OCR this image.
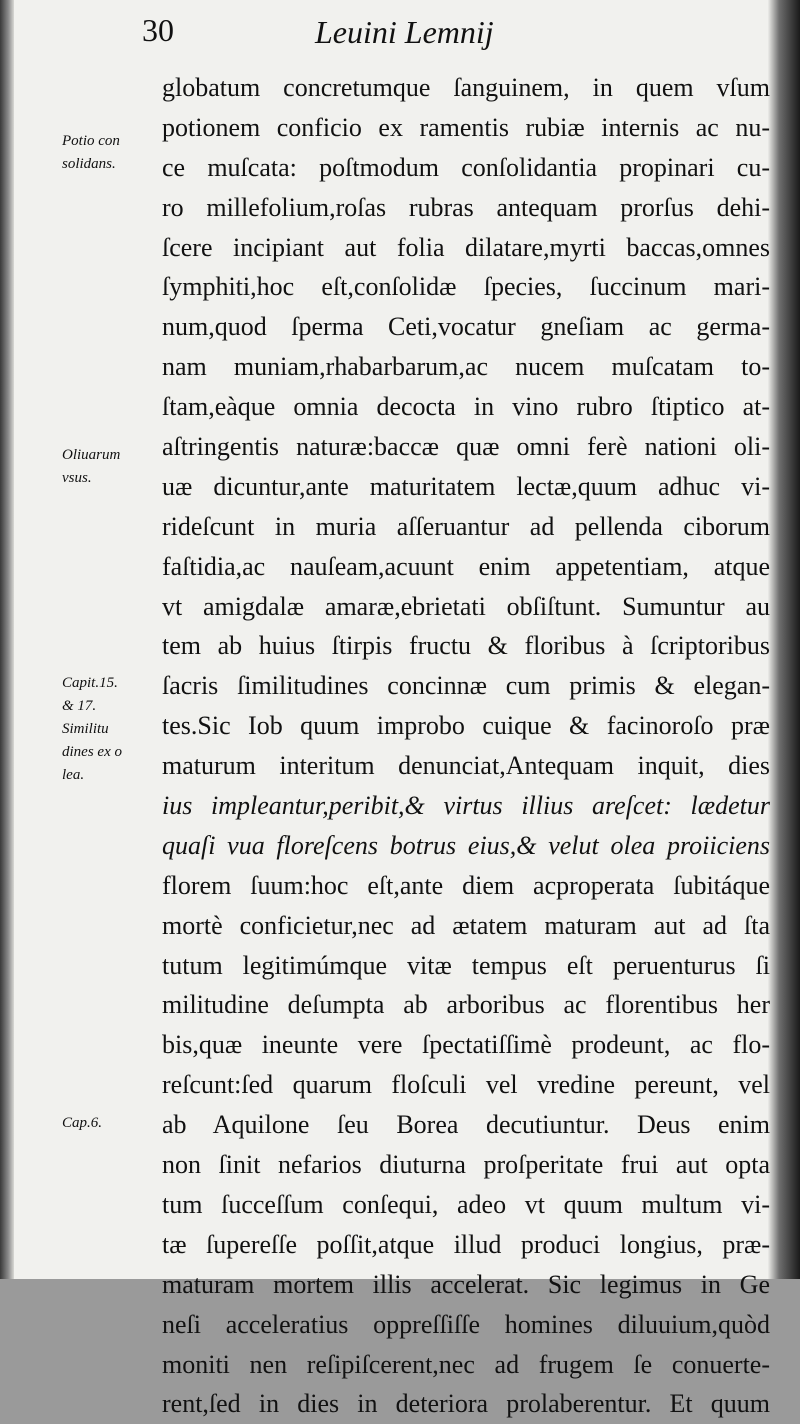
30	Leuini Lemnij
Potio con
solidans.
Oliuarum
vsus.
Capit.15.
& 17.
Similitu
dines ex o
lea.
Cap.6.
globatum concretumque ſanguinem, in quem vſum
potionem conficio ex ramentis rubiæ internis ac nu-
ce muſcata: poſtmodum conſolidantia propinari cu-
ro millefolium,roſas rubras antequam prorſus dehi-
ſcere incipiant aut folia dilatare,myrti baccas,omnes
ſymphiti,hoc eſt,conſolidæ ſpecies, ſuccinum mari-
num,quod ſperma Ceti,vocatur gneſiam ac germa-
nam muniam,rhabarbarum,ac nucem muſcatam to-
ſtam,eàque omnia decocta in vino rubro ſtiptico at-
aſtringentis naturæ:baccæ quæ omni ferè nationi oli-
uæ dicuntur,ante maturitatem lectæ,quum adhuc vi-
rideſcunt in muria aſſeruantur ad pellenda ciborum
faſtidia,ac nauſeam,acuunt enim appetentiam, atque
vt amigdalæ amaræ,ebrietati obſiſtunt. Sumuntur au
tem ab huius ſtirpis fructu & floribus à ſcriptoribus
ſacris ſimilitudines concinnæ cum primis & elegan-
tes.Sic Iob quum improbo cuique & facinoroſo præ
maturum interitum denunciat,Antequam inquit, dies
ius impleantur,peribit,& virtus illius areſcet: lædetur
quaſi vua floreſcens botrus eius,& velut olea proiiciens
florem ſuum:hoc eſt,ante diem acproperata ſubitáque
mortè conficietur,nec ad ætatem maturam aut ad ſta
tutum legitimúmque vitæ tempus eſt peruenturus ſi
militudine deſumpta ab arboribus ac florentibus her
bis,quæ ineunte vere ſpectatiſſimè prodeunt, ac flo-
reſcunt:ſed quarum floſculi vel vredine pereunt, vel
ab Aquilone ſeu Borea decutiuntur. Deus enim
non ſinit nefarios diuturna proſperitate frui aut opta
tum ſucceſſum conſequi, adeo vt quum multum vi-
tæ ſupereſſe poſſit,atque illud produci longius, præ-
maturam mortem illis accelerat. Sic legimus in Ge
neſi acceleratius oppreſſiſſe homines diluuium,quòd
moniti nen reſipiſcerent,nec ad frugem ſe conuerte-
rent,ſed in dies in deteriora prolaberentur. Et quum
